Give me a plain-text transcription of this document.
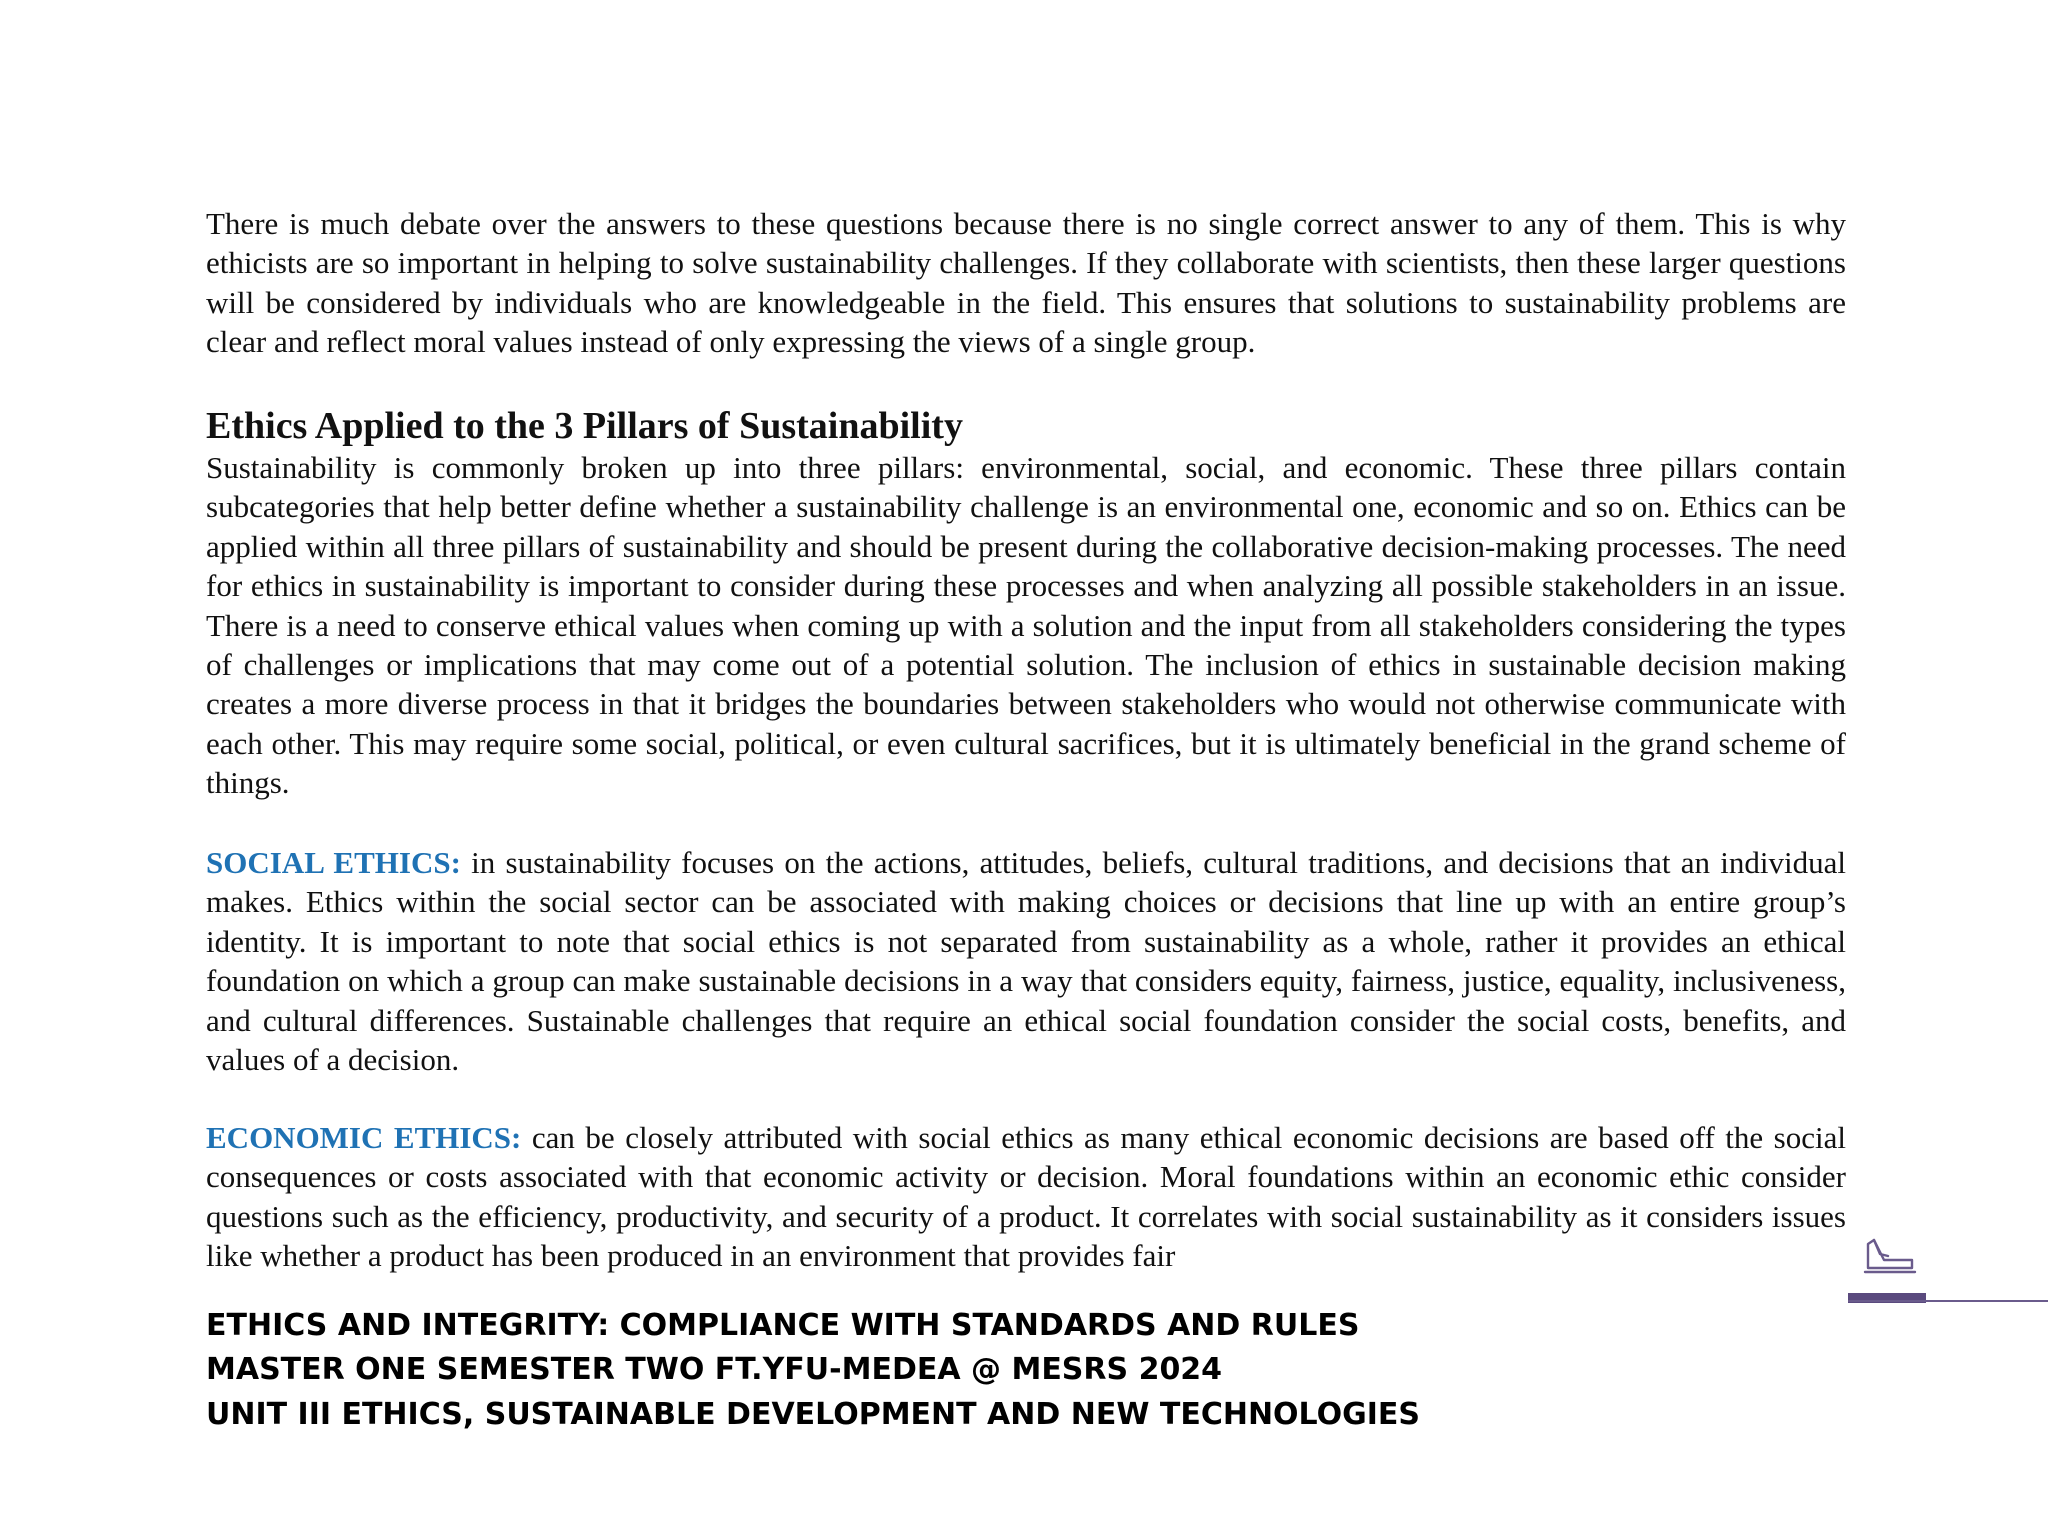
There is much debate over the answers to these questions because there is no single correct answer to any of them. This is why ethicists are so important in helping to solve sustainability challenges. If they collaborate with scientists, then these larger questions will be considered by individuals who are knowledgeable in the field. This ensures that solutions to sustainability problems are clear and reflect moral values instead of only expressing the views of a single group.

Ethics Applied to the 3 Pillars of Sustainability

Sustainability is commonly broken up into three pillars: environmental, social, and economic. These three pillars contain subcategories that help better define whether a sustainability challenge is an environmental one, economic and so on. Ethics can be applied within all three pillars of sustainability and should be present during the collaborative decision-making processes. The need for ethics in sustainability is important to consider during these processes and when analyzing all possible stakeholders in an issue. There is a need to conserve ethical values when coming up with a solution and the input from all stakeholders considering the types of challenges or implications that may come out of a potential solution. The inclusion of ethics in sustainable decision making creates a more diverse process in that it bridges the boundaries between stakeholders who would not otherwise communicate with each other. This may require some social, political, or even cultural sacrifices, but it is ultimately beneficial in the grand scheme of things.

SOCIAL ETHICS: in sustainability focuses on the actions, attitudes, beliefs, cultural traditions, and decisions that an individual makes. Ethics within the social sector can be associated with making choices or decisions that line up with an entire group’s identity. It is important to note that social ethics is not separated from sustainability as a whole, rather it provides an ethical foundation on which a group can make sustainable decisions in a way that considers equity, fairness, justice, equality, inclusiveness, and cultural differences. Sustainable challenges that require an ethical social foundation consider the social costs, benefits, and values of a decision.

ECONOMIC ETHICS: can be closely attributed with social ethics as many ethical economic decisions are based off the social consequences or costs associated with that economic activity or decision. Moral foundations within an economic ethic consider questions such as the efficiency, productivity, and security of a product. It correlates with social sustainability as it considers issues like whether a product has been produced in an environment that provides fair

ETHICS AND INTEGRITY: COMPLIANCE WITH STANDARDS AND RULES
MASTER ONE SEMESTER TWO FT.YFU-MEDEA @ MESRS 2024
UNIT III ETHICS, SUSTAINABLE DEVELOPMENT AND NEW TECHNOLOGIES
